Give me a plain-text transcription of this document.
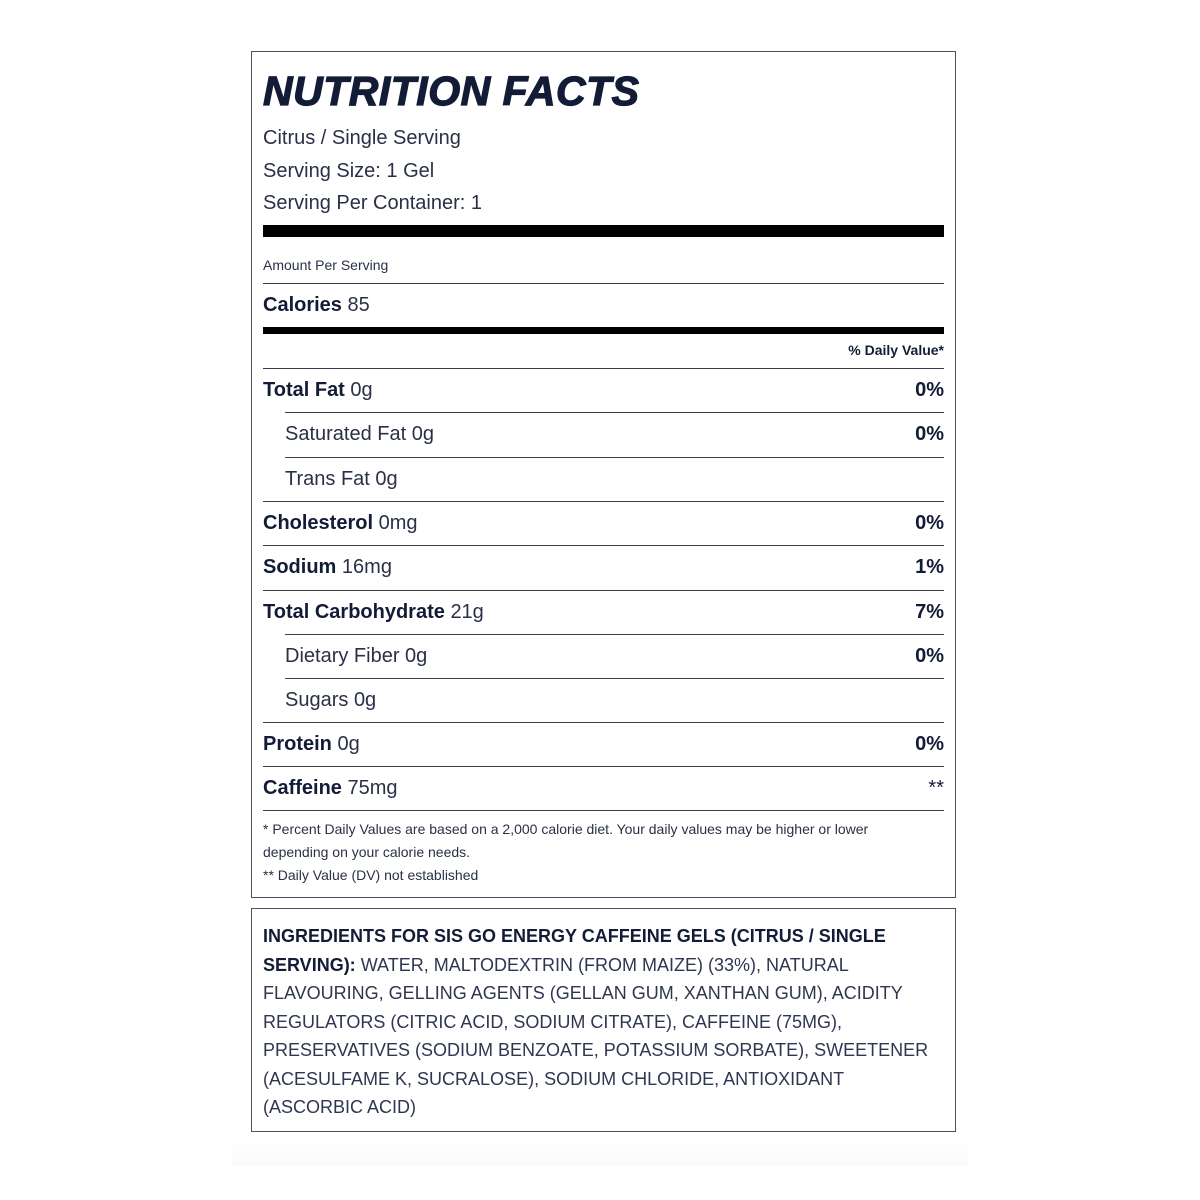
NUTRITION FACTS
Citrus / Single Serving
Serving Size: 1 Gel
Serving Per Container: 1
Amount Per Serving
Calories 85
% Daily Value*
Total Fat 0g	0%
Saturated Fat 0g	0%
Trans Fat 0g
Cholesterol 0mg	0%
Sodium 16mg	1%
Total Carbohydrate 21g	7%
Dietary Fiber 0g	0%
Sugars 0g
Protein 0g	0%
Caffeine 75mg	**
* Percent Daily Values are based on a 2,000 calorie diet. Your daily values may be higher or lower depending on your calorie needs.
** Daily Value (DV) not established
INGREDIENTS FOR SIS GO ENERGY CAFFEINE GELS (CITRUS / SINGLE SERVING): WATER, MALTODEXTRIN (FROM MAIZE) (33%), NATURAL FLAVOURING, GELLING AGENTS (GELLAN GUM, XANTHAN GUM), ACIDITY REGULATORS (CITRIC ACID, SODIUM CITRATE), CAFFEINE (75MG), PRESERVATIVES (SODIUM BENZOATE, POTASSIUM SORBATE), SWEETENER (ACESULFAME K, SUCRALOSE), SODIUM CHLORIDE, ANTIOXIDANT (ASCORBIC ACID)
